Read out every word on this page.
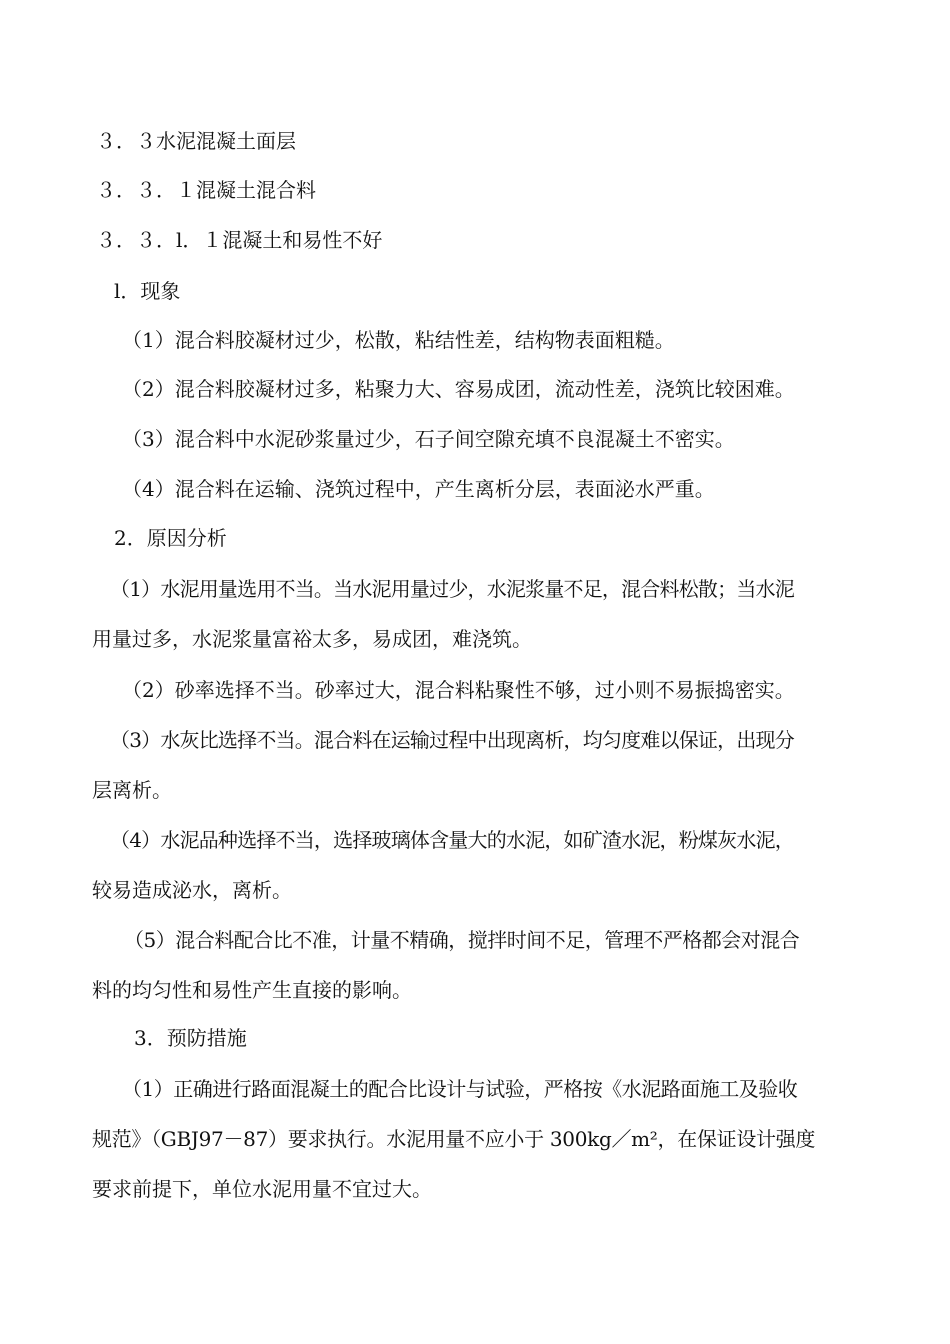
３．３水泥混凝土面层
３．３．１混凝土混合料
３．３．l．１混凝土和易性不好
l．现象
（1）混合料胶凝材过少，松散，粘结性差，结构物表面粗糙。
（2）混合料胶凝材过多，粘聚力大、容易成团，流动性差，浇筑比较困难。
（3）混合料中水泥砂浆量过少，石子间空隙充填不良混凝土不密实。
（4）混合料在运输、浇筑过程中，产生离析分层，表面泌水严重。
2．原因分析
（1）水泥用量选用不当。当水泥用量过少，水泥浆量不足，混合料松散；当水泥
用量过多，水泥浆量富裕太多，易成团，难浇筑。
（2）砂率选择不当。砂率过大，混合料粘聚性不够，过小则不易振捣密实。
（3）水灰比选择不当。混合料在运输过程中出现离析，均匀度难以保证，出现分
层离析。
（4）水泥品种选择不当，选择玻璃体含量大的水泥，如矿渣水泥，粉煤灰水泥，
较易造成泌水，离析。
（5）混合料配合比不准，计量不精确，搅拌时间不足，管理不严格都会对混合
料的均匀性和易性产生直接的影响。
3．预防措施
（1）正确进行路面混凝土的配合比设计与试验，严格按《水泥路面施工及验收
规范》（GBJ97－87）要求执行。水泥用量不应小于 300kg／m²，在保证设计强度
要求前提下，单位水泥用量不宜过大。
